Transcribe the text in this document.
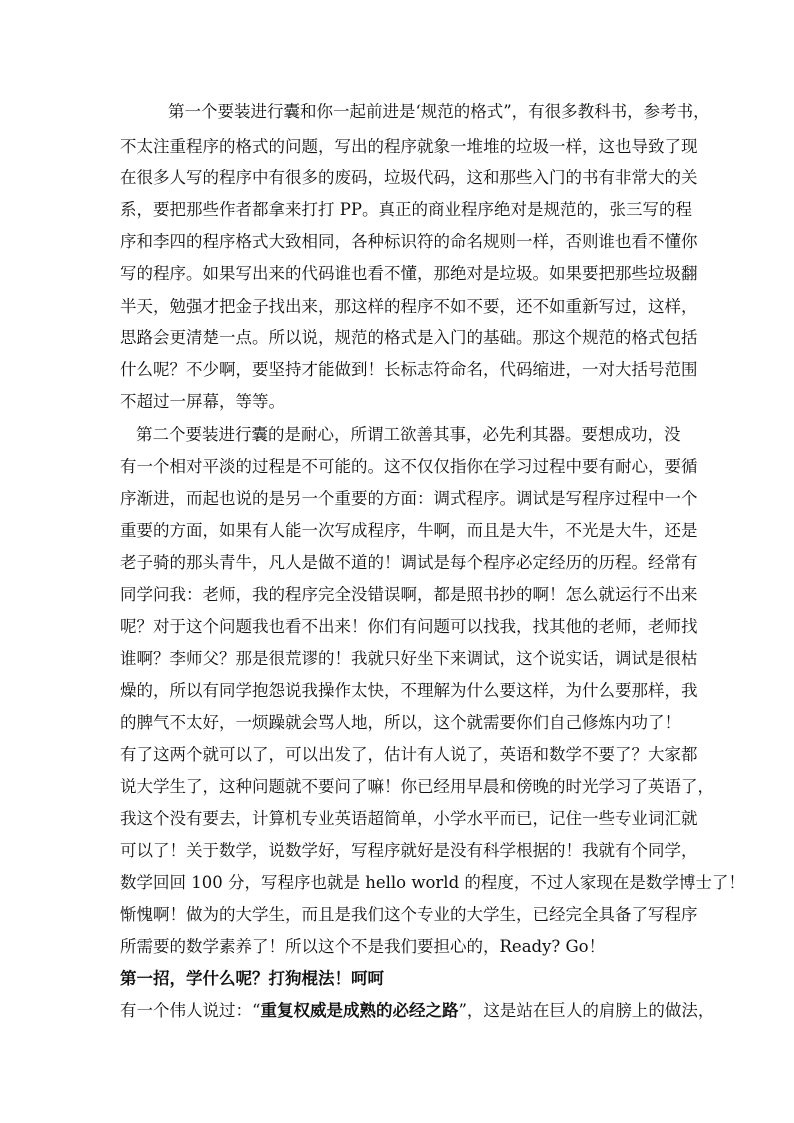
第一个要装进行囊和你一起前进是‘规范的格式”，有很多教科书，参考书，
不太注重程序的格式的问题，写出的程序就象一堆堆的垃圾一样，这也导致了现
在很多人写的程序中有很多的废码，垃圾代码，这和那些入门的书有非常大的关
系，要把那些作者都拿来打打 PP。真正的商业程序绝对是规范的，张三写的程
序和李四的程序格式大致相同，各种标识符的命名规则一样，否则谁也看不懂你
写的程序。如果写出来的代码谁也看不懂，那绝对是垃圾。如果要把那些垃圾翻
半天，勉强才把金子找出来，那这样的程序不如不要，还不如重新写过，这样，
思路会更清楚一点。所以说，规范的格式是入门的基础。那这个规范的格式包括
什么呢？不少啊，要坚持才能做到！长标志符命名，代码缩进，一对大括号范围
不超过一屏幕，等等。
第二个要装进行囊的是耐心，所谓工欲善其事，必先利其器。要想成功，没
有一个相对平淡的过程是不可能的。这不仅仅指你在学习过程中要有耐心，要循
序渐进，而起也说的是另一个重要的方面：调式程序。调试是写程序过程中一个
重要的方面，如果有人能一次写成程序，牛啊，而且是大牛，不光是大牛，还是
老子骑的那头青牛，凡人是做不道的！调试是每个程序必定经历的历程。经常有
同学问我：老师，我的程序完全没错误啊，都是照书抄的啊！怎么就运行不出来
呢？对于这个问题我也看不出来！你们有问题可以找我，找其他的老师，老师找
谁啊？李师父？那是很荒谬的！我就只好坐下来调试，这个说实话，调试是很枯
燥的，所以有同学抱怨说我操作太快，不理解为什么要这样，为什么要那样，我
的脾气不太好，一烦躁就会骂人地，所以，这个就需要你们自己修炼内功了！
有了这两个就可以了，可以出发了，估计有人说了，英语和数学不要了？大家都
说大学生了，这种问题就不要问了嘛！你已经用早晨和傍晚的时光学习了英语了，
我这个没有要去，计算机专业英语超简单，小学水平而已，记住一些专业词汇就
可以了！关于数学，说数学好，写程序就好是没有科学根据的！我就有个同学，
数学回回 100 分，写程序也就是 hello world 的程度，不过人家现在是数学博士了！
惭愧啊！做为的大学生，而且是我们这个专业的大学生，已经完全具备了写程序
所需要的数学素养了！所以这个不是我们要担心的，Ready? Go！
第一招，学什么呢？打狗棍法！呵呵
有一个伟人说过：“重复权威是成熟的必经之路”，这是站在巨人的肩膀上的做法，
